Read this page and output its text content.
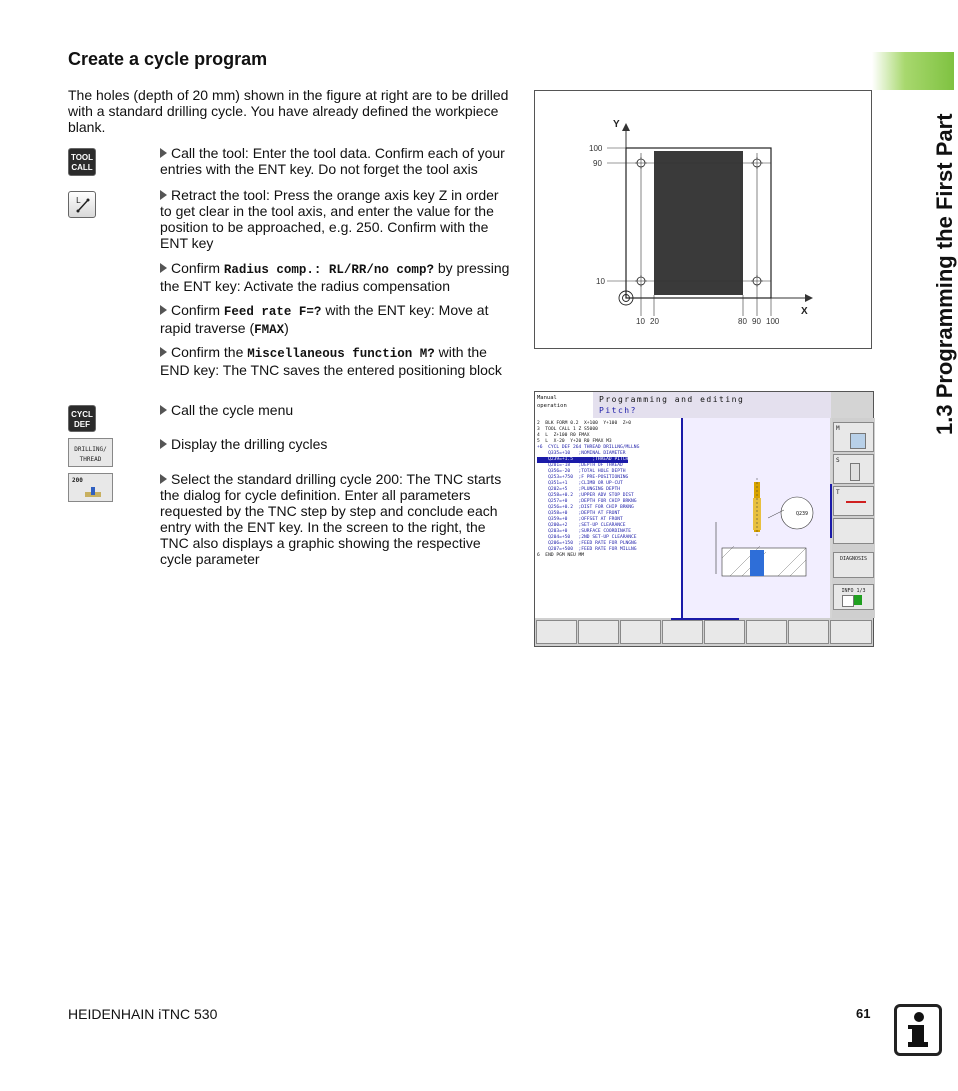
1.3 Programming the First Part
Create a cycle program
The holes (depth of 20 mm) shown in the figure at right are to be drilled with a standard drilling cycle. You have already defined the workpiece blank.
TOOL
CALL
L
CYCL
DEF
DRILLING/
THREAD
200
Call the tool: Enter the tool data. Confirm each of your entries with the ENT key. Do not forget the tool axis
Retract the tool: Press the orange axis key Z in order to get clear in the tool axis, and enter the value for the position to be approached, e.g. 250. Confirm with the ENT key
Confirm Radius comp.: RL/RR/no comp? by pressing the ENT key: Activate the radius compensation
Confirm Feed rate F=? with the ENT key: Move at rapid traverse (FMAX)
Confirm the Miscellaneous function M? with the END key: The TNC saves the entered positioning block
Call the cycle menu
Display the drilling cycles
Select the standard drilling cycle 200: The TNC starts the dialog for cycle definition. Enter all parameters requested by the TNC step by step and conclude each entry with the ENT key. In the screen to the right, the TNC also displays a graphic showing the respective cycle parameter
Y
X
100
90
10
10 20	80 90 100
Manual
operation
Programming and editing
Pitch?
2  BLK FORM 0.2  X+100  Y+100  Z+0
3  TOOL CALL 1 Z S5000
4  L  Z+100 R0 FMAX
5  L  X-20  Y+20 R0 FMAX M3
+6  CYCL DEF 264 THREAD DRILLNG/MLLNG
Q335=+10   ;NOMINAL DIAMETER
Q239=+1.5       ;THREAD PITCH
Q201=-18   ;DEPTH OF THREAD
Q356=-20   ;TOTAL HOLE DEPTH
Q253=+750  ;F PRE-POSITIONING
Q351=+1    ;CLIMB OR UP-CUT
Q202=+5    ;PLUNGING DEPTH
Q258=+0.2  ;UPPER ADV STOP DIST
Q257=+0    ;DEPTH FOR CHIP BRKNG
Q256=+0.2  ;DIST FOR CHIP BRKNG
Q358=+0    ;DEPTH AT FRONT
Q359=+0    ;OFFSET AT FRONT
Q200=+2    ;SET-UP CLEARANCE
Q203=+0    ;SURFACE COORDINATE
Q204=+50   ;2ND SET-UP CLEARANCE
Q206=+150  ;FEED RATE FOR PLNGNG
Q207=+500  ;FEED RATE FOR MILLNG
6  END PGM NEU MM
Q239
M
S
T
DIAGNOSIS
INFO 1/3
HEIDENHAIN iTNC 530	61
